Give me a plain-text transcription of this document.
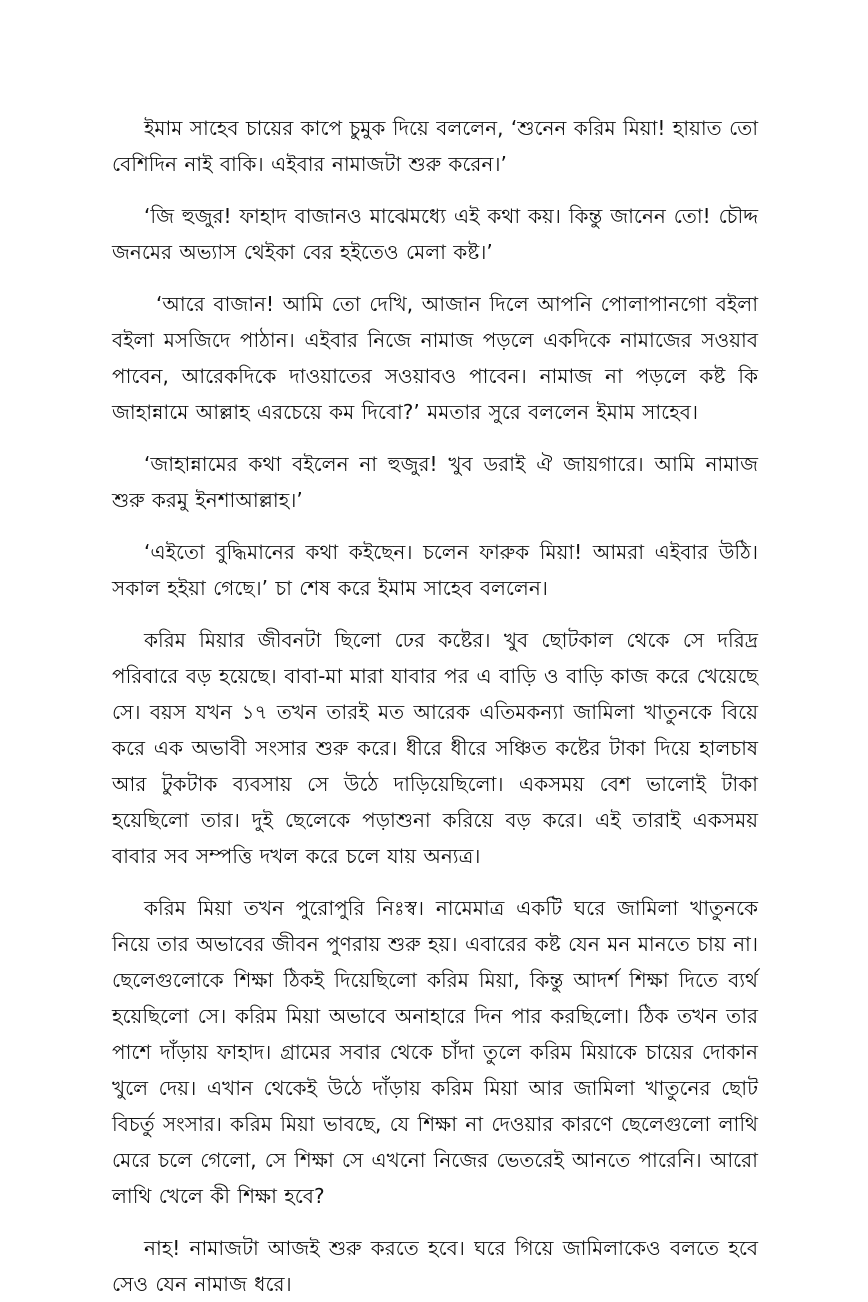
ইমাম সাহেব চায়ের কাপে চুমুক দিয়ে বললেন, ‘শুনেন করিম মিয়া! হায়াত তো বেশিদিন নাই বাকি। এইবার নামাজটা শুরু করেন।’

‘জি হুজুর! ফাহাদ বাজানও মাঝেমধ্যে এই কথা কয়। কিন্তু জানেন তো! চৌদ্দ জনমের অভ্যাস থেইকা বের হইতেও মেলা কষ্ট।’

‘আরে বাজান! আমি তো দেখি, আজান দিলে আপনি পোলাপানগো বইলা বইলা মসজিদে পাঠান। এইবার নিজে নামাজ পড়লে একদিকে নামাজের সওয়াব পাবেন, আরেকদিকে দাওয়াতের সওয়াবও পাবেন। নামাজ না পড়লে কষ্ট কি জাহান্নামে আল্লাহ এরচেয়ে কম দিবো?’ মমতার সুরে বললেন ইমাম সাহেব।

‘জাহান্নামের কথা বইলেন না হুজুর! খুব ডরাই ঐ জায়গারে। আমি নামাজ শুরু করমু ইনশাআল্লাহ।’

‘এইতো বুদ্ধিমানের কথা কইছেন। চলেন ফারুক মিয়া! আমরা এইবার উঠি। সকাল হইয়া গেছে।’ চা শেষ করে ইমাম সাহেব বললেন।

করিম মিয়ার জীবনটা ছিলো ঢের কষ্টের। খুব ছোটকাল থেকে সে দরিদ্র পরিবারে বড় হয়েছে। বাবা-মা মারা যাবার পর এ বাড়ি ও বাড়ি কাজ করে খেয়েছে সে। বয়স যখন ১৭ তখন তারই মত আরেক এতিমকন্যা জামিলা খাতুনকে বিয়ে করে এক অভাবী সংসার শুরু করে। ধীরে ধীরে সঞ্চিত কষ্টের টাকা দিয়ে হালচাষ আর টুকটাক ব্যবসায় সে উঠে দাড়িয়েছিলো। একসময় বেশ ভালোই টাকা হয়েছিলো তার। দুই ছেলেকে পড়াশুনা করিয়ে বড় করে। এই তারাই একসময় বাবার সব সম্পত্তি দখল করে চলে যায় অন্যত্র।

করিম মিয়া তখন পুরোপুরি নিঃস্ব। নামেমাত্র একটি ঘরে জামিলা খাতুনকে নিয়ে তার অভাবের জীবন পুণরায় শুরু হয়। এবারের কষ্ট যেন মন মানতে চায় না। ছেলেগুলোকে শিক্ষা ঠিকই দিয়েছিলো করিম মিয়া, কিন্তু আদর্শ শিক্ষা দিতে ব্যর্থ হয়েছিলো সে। করিম মিয়া অভাবে অনাহারে দিন পার করছিলো। ঠিক তখন তার পাশে দাঁড়ায় ফাহাদ। গ্রামের সবার থেকে চাঁদা তুলে করিম মিয়াকে চায়ের দোকান খুলে দেয়। এখান থেকেই উঠে দাঁড়ায় করিম মিয়া আর জামিলা খাতুনের ছোট বিচর্তু সংসার। করিম মিয়া ভাবছে, যে শিক্ষা না দেওয়ার কারণে ছেলেগুলো লাথি মেরে চলে গেলো, সে শিক্ষা সে এখনো নিজের ভেতরেই আনতে পারেনি। আরো লাথি খেলে কী শিক্ষা হবে?

নাহ! নামাজটা আজই শুরু করতে হবে। ঘরে গিয়ে জামিলাকেও বলতে হবে সেও যেন নামাজ ধরে।
